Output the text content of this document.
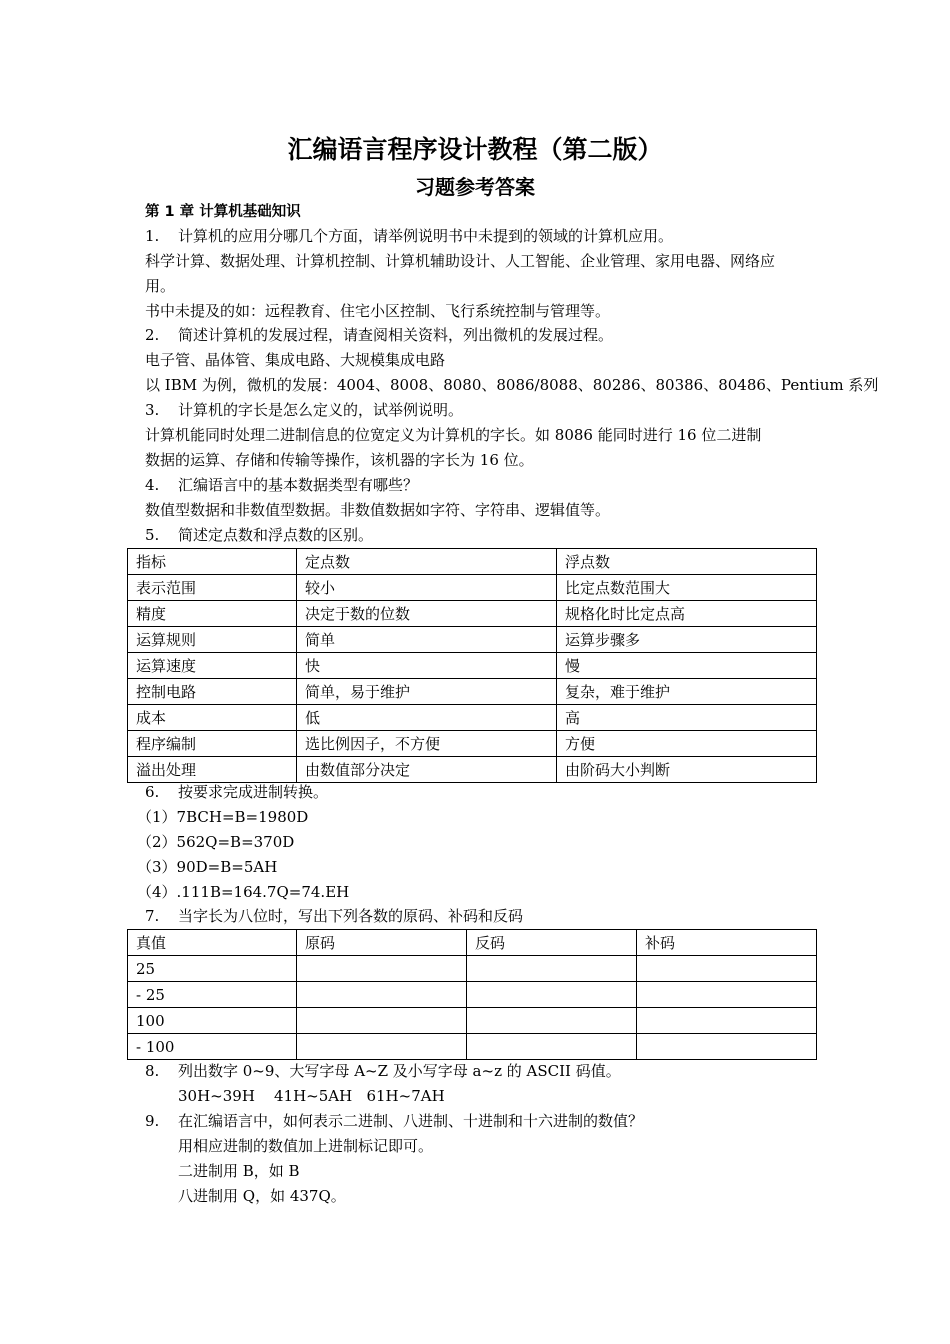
汇编语言程序设计教程（第二版）
习题参考答案
第 1 章 计算机基础知识
1. 计算机的应用分哪几个方面，请举例说明书中未提到的领域的计算机应用。
科学计算、数据处理、计算机控制、计算机辅助设计、人工智能、企业管理、家用电器、网络应
用。
书中未提及的如：远程教育、住宅小区控制、飞行系统控制与管理等。
2. 简述计算机的发展过程，请查阅相关资料，列出微机的发展过程。
电子管、晶体管、集成电路、大规模集成电路
以 IBM 为例，微机的发展：4004、8008、8080、8086/8088、80286、80386、80486、Pentium 系列
3. 计算机的字长是怎么定义的，试举例说明。
计算机能同时处理二进制信息的位宽定义为计算机的字长。如 8086 能同时进行 16 位二进制
数据的运算、存储和传输等操作，该机器的字长为 16 位。
4. 汇编语言中的基本数据类型有哪些？
数值型数据和非数值型数据。非数值数据如字符、字符串、逻辑值等。
5. 简述定点数和浮点数的区别。
指标	定点数	浮点数
表示范围	较小	比定点数范围大
精度	决定于数的位数	规格化时比定点高
运算规则	简单	运算步骤多
运算速度	快	慢
控制电路	简单，易于维护	复杂，难于维护
成本	低	高
程序编制	选比例因子，不方便	方便
溢出处理	由数值部分决定	由阶码大小判断
6. 按要求完成进制转换。
（1）7BCH=B=1980D
（2）562Q=B=370D
（3）90D=B=5AH
（4）.111B=164.7Q=74.EH
7. 当字长为八位时，写出下列各数的原码、补码和反码
真值	原码	反码	补码
25			
- 25			
100			
- 100			
8. 列出数字 0~9、大写字母 A~Z 及小写字母 a~z 的 ASCII 码值。
30H~39H    41H~5AH   61H~7AH
9. 在汇编语言中，如何表示二进制、八进制、十进制和十六进制的数值？
用相应进制的数值加上进制标记即可。
二进制用 B，如 B
八进制用 Q，如 437Q。
